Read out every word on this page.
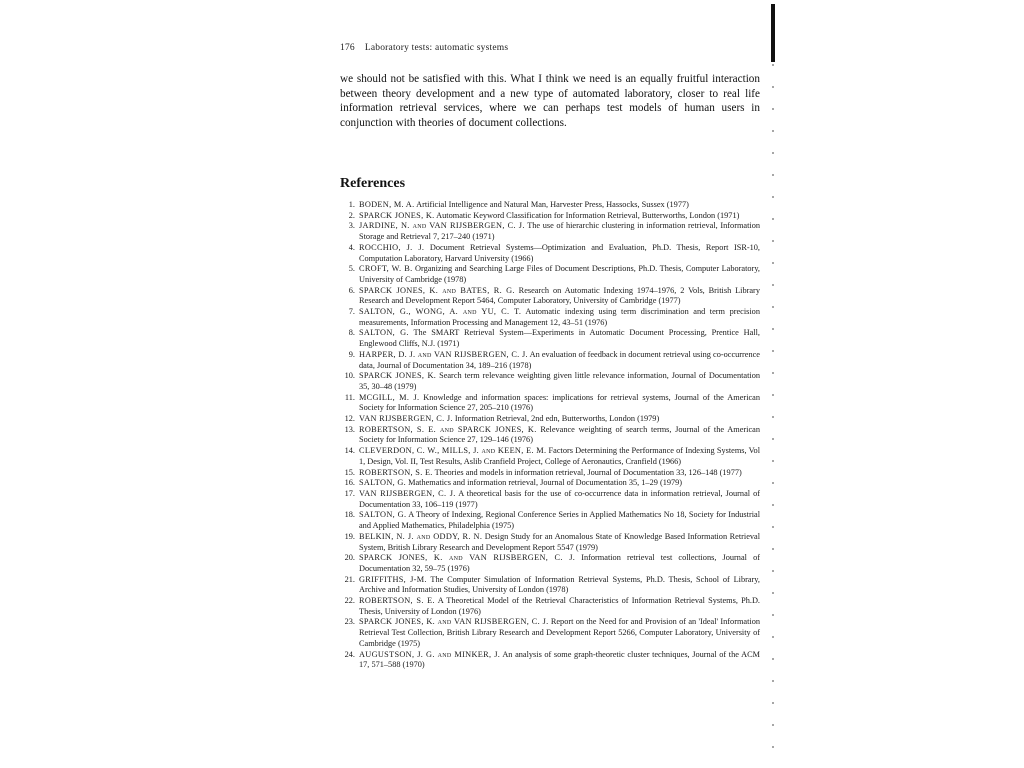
176 Laboratory tests: automatic systems
we should not be satisfied with this. What I think we need is an equally fruitful interaction between theory development and a new type of automated laboratory, closer to real life information retrieval services, where we can perhaps test models of human users in conjunction with theories of document collections.
References
1. BODEN, M. A. Artificial Intelligence and Natural Man, Harvester Press, Hassocks, Sussex (1977)
2. SPARCK JONES, K. Automatic Keyword Classification for Information Retrieval, Butterworths, London (1971)
3. JARDINE, N. and VAN RIJSBERGEN, C. J. The use of hierarchic clustering in information retrieval, Information Storage and Retrieval 7, 217–240 (1971)
4. ROCCHIO, J. J. Document Retrieval Systems—Optimization and Evaluation, Ph.D. Thesis, Report ISR-10, Computation Laboratory, Harvard University (1966)
5. CROFT, W. B. Organizing and Searching Large Files of Document Descriptions, Ph.D. Thesis, Computer Laboratory, University of Cambridge (1978)
6. SPARCK JONES, K. and BATES, R. G. Research on Automatic Indexing 1974–1976, 2 Vols, British Library Research and Development Report 5464, Computer Laboratory, University of Cambridge (1977)
7. SALTON, G., WONG, A. and YU, C. T. Automatic indexing using term discrimination and term precision measurements, Information Processing and Management 12, 43–51 (1976)
8. SALTON, G. The SMART Retrieval System—Experiments in Automatic Document Processing, Prentice Hall, Englewood Cliffs, N.J. (1971)
9. HARPER, D. J. and VAN RIJSBERGEN, C. J. An evaluation of feedback in document retrieval using co-occurrence data, Journal of Documentation 34, 189–216 (1978)
10. SPARCK JONES, K. Search term relevance weighting given little relevance information, Journal of Documentation 35, 30–48 (1979)
11. MCGILL, M. J. Knowledge and information spaces: implications for retrieval systems, Journal of the American Society for Information Science 27, 205–210 (1976)
12. VAN RIJSBERGEN, C. J. Information Retrieval, 2nd edn, Butterworths, London (1979)
13. ROBERTSON, S. E. and SPARCK JONES, K. Relevance weighting of search terms, Journal of the American Society for Information Science 27, 129–146 (1976)
14. CLEVERDON, C. W., MILLS, J. and KEEN, E. M. Factors Determining the Performance of Indexing Systems, Vol 1, Design, Vol. II, Test Results, Aslib Cranfield Project, College of Aeronautics, Cranfield (1966)
15. ROBERTSON, S. E. Theories and models in information retrieval, Journal of Documentation 33, 126–148 (1977)
16. SALTON, G. Mathematics and information retrieval, Journal of Documentation 35, 1–29 (1979)
17. VAN RIJSBERGEN, C. J. A theoretical basis for the use of co-occurrence data in information retrieval, Journal of Documentation 33, 106–119 (1977)
18. SALTON, G. A Theory of Indexing, Regional Conference Series in Applied Mathematics No 18, Society for Industrial and Applied Mathematics, Philadelphia (1975)
19. BELKIN, N. J. and ODDY, R. N. Design Study for an Anomalous State of Knowledge Based Information Retrieval System, British Library Research and Development Report 5547 (1979)
20. SPARCK JONES, K. and VAN RIJSBERGEN, C. J. Information retrieval test collections, Journal of Documentation 32, 59–75 (1976)
21. GRIFFITHS, J-M. The Computer Simulation of Information Retrieval Systems, Ph.D. Thesis, School of Library, Archive and Information Studies, University of London (1978)
22. ROBERTSON, S. E. A Theoretical Model of the Retrieval Characteristics of Information Retrieval Systems, Ph.D. Thesis, University of London (1976)
23. SPARCK JONES, K. and VAN RIJSBERGEN, C. J. Report on the Need for and Provision of an 'Ideal' Information Retrieval Test Collection, British Library Research and Development Report 5266, Computer Laboratory, University of Cambridge (1975)
24. AUGUSTSON, J. G. and MINKER, J. An analysis of some graph-theoretic cluster techniques, Journal of the ACM 17, 571–588 (1970)
